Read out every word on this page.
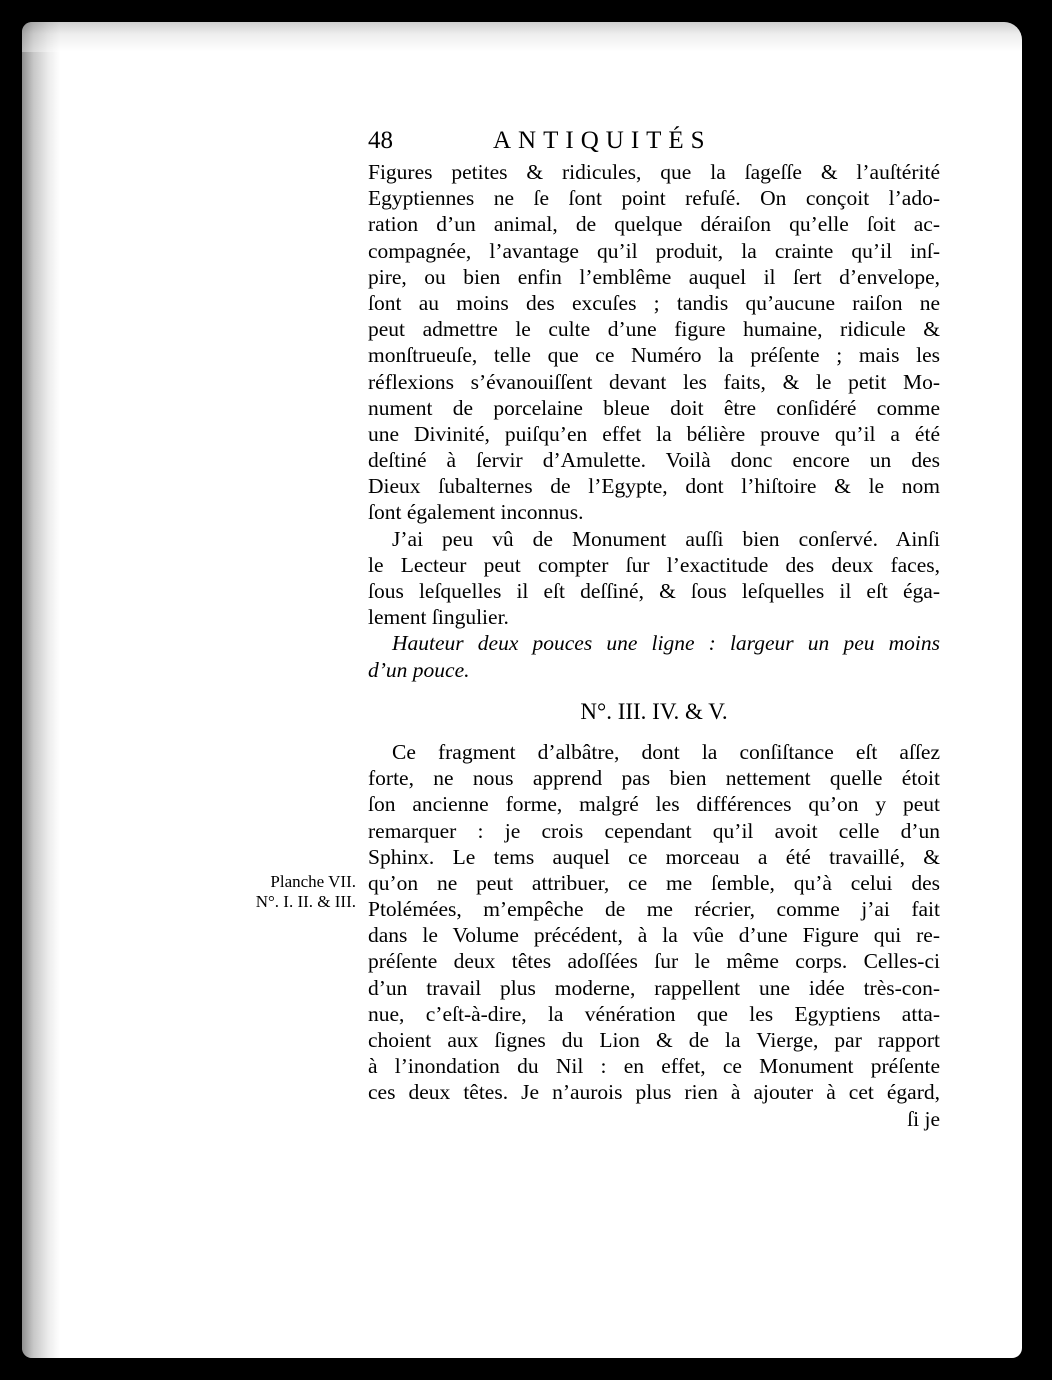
48	ANTIQUITÉS
Planche VII.
N°. I. II. & III.
Figures petites & ridicules, que la ſageſſe & l’auſtérité
Egyptiennes ne ſe ſont point refuſé. On conçoit l’ado-
ration d’un animal, de quelque déraiſon qu’elle ſoit ac-
compagnée, l’avantage qu’il produit, la crainte qu’il inſ-
pire, ou bien enfin l’emblême auquel il ſert d’envelope,
ſont au moins des excuſes ; tandis qu’aucune raiſon ne
peut admettre le culte d’une figure humaine, ridicule &
monſtrueuſe, telle que ce Numéro la préſente ; mais les
réflexions s’évanouiſſent devant les faits, & le petit Mo-
nument de porcelaine bleue doit être conſidéré comme
une Divinité, puiſqu’en effet la bélière prouve qu’il a été
deſtiné à ſervir d’Amulette. Voilà donc encore un des
Dieux ſubalternes de l’Egypte, dont l’hiſtoire & le nom
ſont également inconnus.
J’ai peu vû de Monument auſſi bien conſervé. Ainſi
le Lecteur peut compter ſur l’exactitude des deux faces,
ſous leſquelles il eſt deſſiné, & ſous leſquelles il eſt éga-
lement ſingulier.
Hauteur deux pouces une ligne : largeur un peu moins
d’un pouce.
N°. III. IV. & V.
Ce fragment d’albâtre, dont la conſiſtance eſt aſſez
forte, ne nous apprend pas bien nettement quelle étoit
ſon ancienne forme, malgré les différences qu’on y peut
remarquer : je crois cependant qu’il avoit celle d’un
Sphinx. Le tems auquel ce morceau a été travaillé, &
qu’on ne peut attribuer, ce me ſemble, qu’à celui des
Ptolémées, m’empêche de me récrier, comme j’ai fait
dans le Volume précédent, à la vûe d’une Figure qui re-
préſente deux têtes adoſſées ſur le même corps. Celles-ci
d’un travail plus moderne, rappellent une idée très-con-
nue, c’eſt-à-dire, la vénération que les Egyptiens atta-
choient aux ſignes du Lion & de la Vierge, par rapport
à l’inondation du Nil : en effet, ce Monument préſente
ces deux têtes. Je n’aurois plus rien à ajouter à cet égard,
ſi je
